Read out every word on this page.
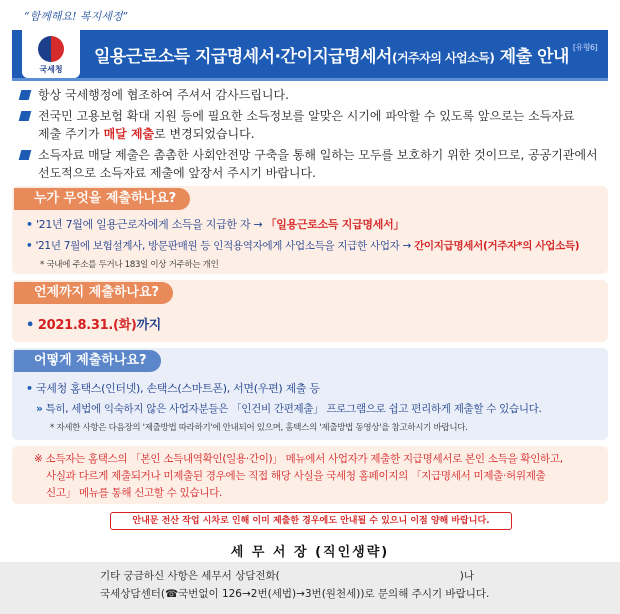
“함께해요! 복지세정”
국세청
일용근로소득 지급명세서·간이지급명세서(거주자의 사업소득) 제출 안내 [유형6]
항상 국세행정에 협조하여 주셔서 감사드립니다.
전국민 고용보험 확대 지원 등에 필요한 소득정보를 알맞은 시기에 파악할 수 있도록 앞으로는 소득자료
제출 주기가 매달 제출로 변경되었습니다.
소득자료 매달 제출은 촘촘한 사회안전망 구축을 통해 일하는 모두를 보호하기 위한 것이므로, 공공기관에서
선도적으로 소득자료 제출에 앞장서 주시기 바랍니다.
누가 무엇을 제출하나요?
• '21년 7월에 일용근로자에게 소득을 지급한 자 → 「일용근로소득 지급명세서」
• '21년 7월에 보험설계사, 방문판매원 등 인적용역자에게 사업소득을 지급한 사업자 → 간이지급명세서(거주자*의 사업소득)
* 국내에 주소를 두거나 183일 이상 거주하는 개인
언제까지 제출하나요?
• 2021.8.31.(화)까지
어떻게 제출하나요?
• 국세청 홈택스(인터넷), 손택스(스마트폰), 서면(우편) 제출 등
» 특히, 세법에 익숙하지 않은 사업자분들은 「인건비 간편제출」 프로그램으로 쉽고 편리하게 제출할 수 있습니다.
* 자세한 사항은 다음장의 '제출방법 따라하기'에 안내되어 있으며, 홈택스의 '제출방법 동영상'을 참고하시기 바랍니다.
※ 소득자는 홈택스의 「본인 소득내역확인(일용·간이)」 메뉴에서 사업자가 제출한 지급명세서로 본인 소득을 확인하고,
사실과 다르게 제출되거나 미제출된 경우에는 직접 해당 사실을 국세청 홈페이지의 「지급명세서 미제출·허위제출
신고」 메뉴를 통해 신고할 수 있습니다.
안내문 전산 작업 시차로 인해 이미 제출한 경우에도 안내될 수 있으니 이점 양해 바랍니다.
세 무 서 장 (직인생략)
기타 궁금하신 사항은 세무서 상담전화(	)나
국세상담센터(☎국번없이 126→2번(세법)→3번(원천세))로 문의해 주시기 바랍니다.
